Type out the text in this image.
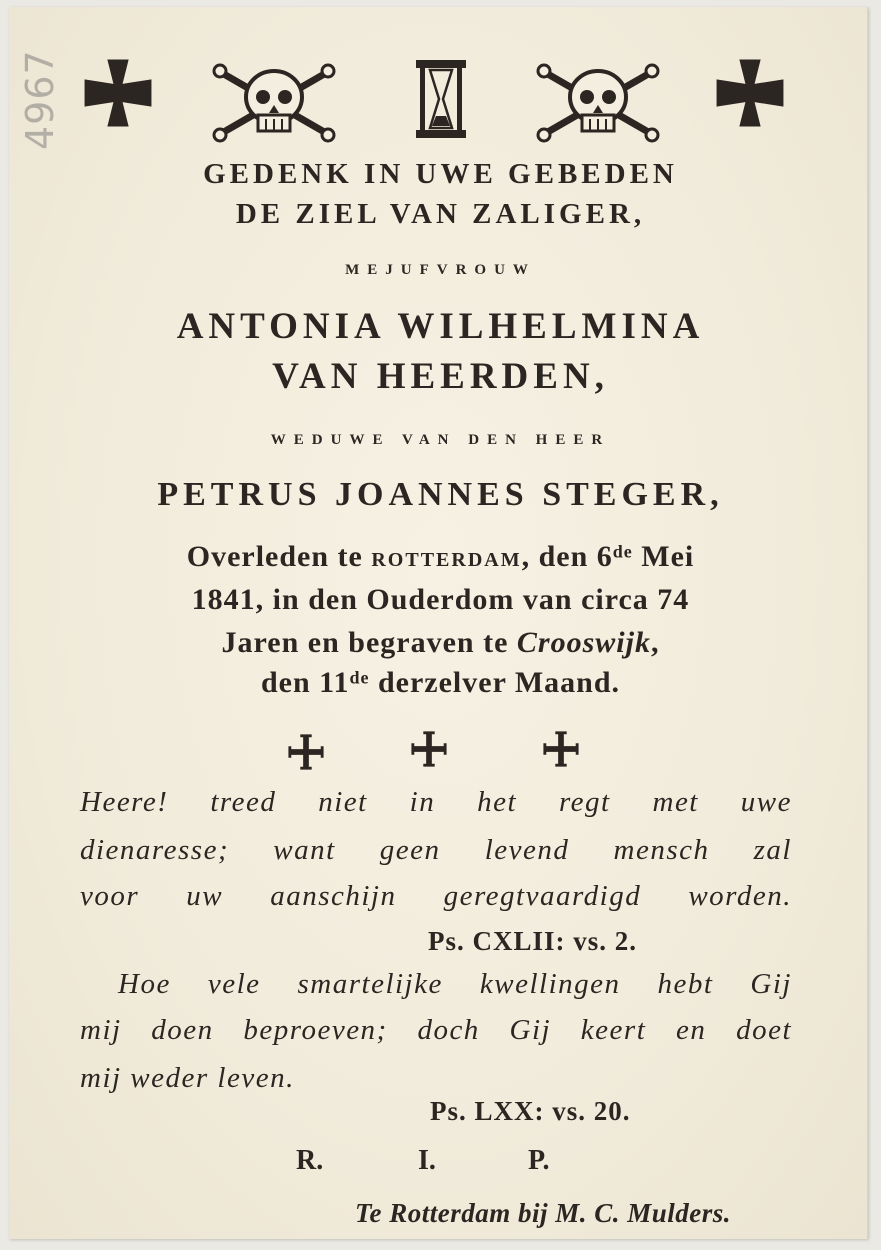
4967
GEDENK IN UWE GEBEDEN
DE ZIEL VAN ZALIGER,
MEJUFVROUW
ANTONIA WILHELMINA
VAN HEERDEN,
WEDUWE VAN DEN HEER
PETRUS JOANNES STEGER,
Overleden te ROTTERDAM, den 6de Mei
1841, in den Ouderdom van circa 74
Jaren en begraven te Crooswijk,
den 11de derzelver Maand.
Heere! treed niet in het regt met uwe
dienaresse; want geen levend mensch zal
voor uw aanschijn geregtvaardigd worden.
Ps. CXLII: vs. 2.
Hoe vele smartelijke kwellingen hebt Gij
mij doen beproeven; doch Gij keert en doet
mij weder leven.
Ps. LXX: vs. 20.
R.	I.	P.
Te Rotterdam bij M. C. Mulders.
